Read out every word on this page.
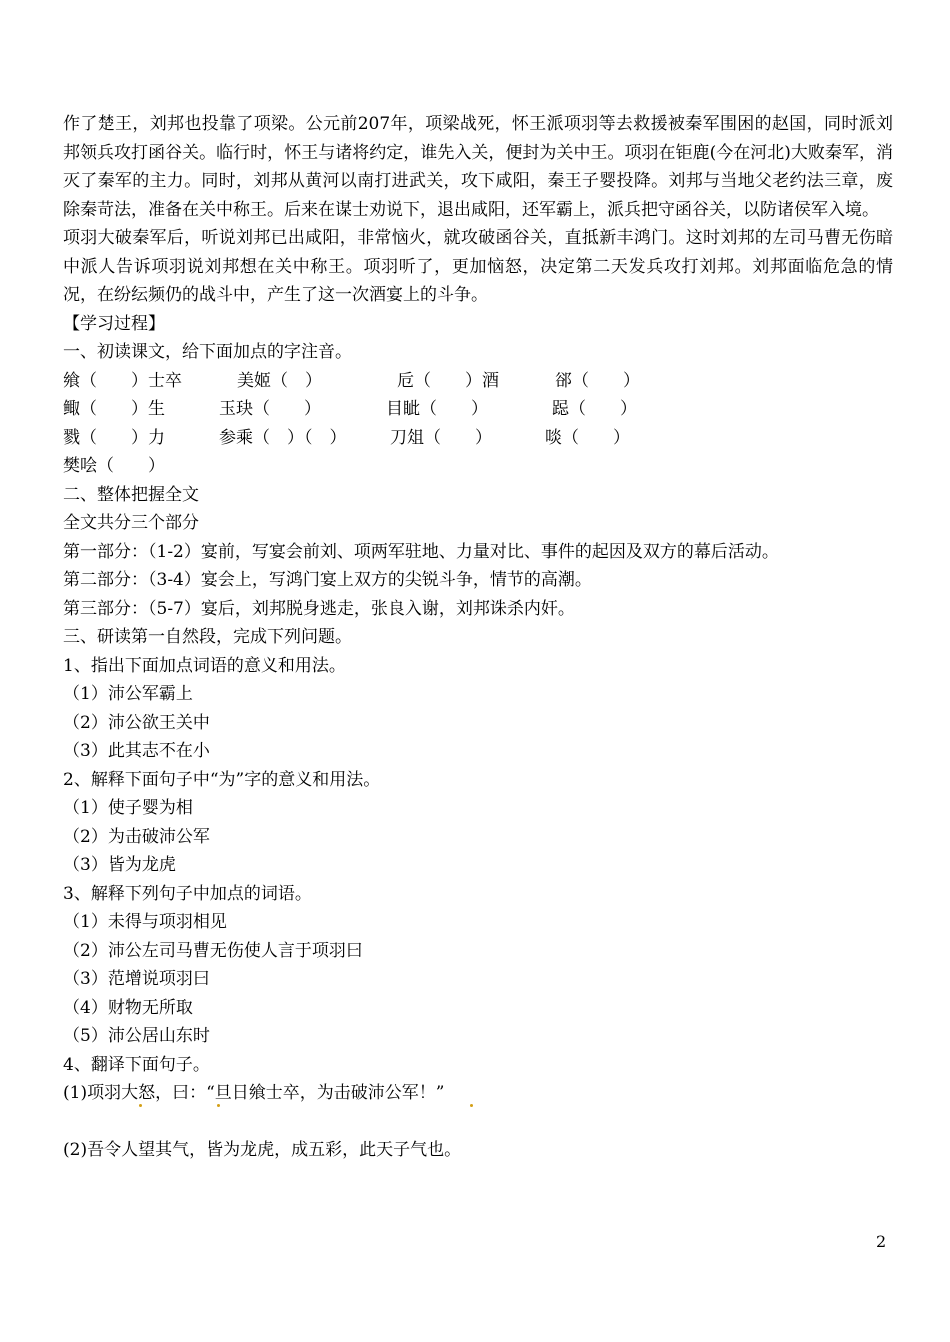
作了楚王，刘邦也投靠了项梁。公元前207年，项梁战死，怀王派项羽等去救援被秦军围困的赵国，同时派刘邦领兵攻打函谷关。临行时，怀王与诸将约定，谁先入关，便封为关中王。项羽在钜鹿(今在河北)大败秦军，消灭了秦军的主力。同时，刘邦从黄河以南打进武关，攻下咸阳，秦王子婴投降。刘邦与当地父老约法三章，废除秦苛法，准备在关中称王。后来在谋士劝说下，退出咸阳，还军霸上，派兵把守函谷关，以防诸侯军入境。

项羽大破秦军后，听说刘邦已出咸阳，非常恼火，就攻破函谷关，直抵新丰鸿门。这时刘邦的左司马曹无伤暗中派人告诉项羽说刘邦想在关中称王。项羽听了，更加恼怒，决定第二天发兵攻打刘邦。刘邦面临危急的情况，在纷纭频仍的战斗中，产生了这一次酒宴上的斗争。

【学习过程】

一、初读课文，给下面加点的字注音。

飨（　　）士卒	美姬（　）	卮（　　）酒	郤（　　）
鲰（　　）生	玉玦（　　）	目眦（　　）	跽（　　）
戮（　　）力	参乘（　）（　）	刀俎（　　）	啖（　　）
樊哙（　　）

二、整体把握全文

全文共分三个部分

第一部分：（1-2）宴前，写宴会前刘、项两军驻地、力量对比、事件的起因及双方的幕后活动。

第二部分：（3-4）宴会上，写鸿门宴上双方的尖锐斗争，情节的高潮。

第三部分：（5-7）宴后，刘邦脱身逃走，张良入谢，刘邦诛杀内奸。

三、研读第一自然段，完成下列问题。

1、指出下面加点词语的意义和用法。

（1）沛公军霸上

（2）沛公欲王关中

（3）此其志不在小

2、解释下面句子中“为”字的意义和用法。

（1）使子婴为相

（2）为击破沛公军

（3）皆为龙虎

3、解释下列句子中加点的词语。

（1）未得与项羽相见

（2）沛公左司马曹无伤使人言于项羽曰

（3）范增说项羽曰

（4）财物无所取

（5）沛公居山东时

4、翻译下面句子。

(1)项羽大怒，曰：“旦日飨士卒，为击破沛公军！”

(2)吾令人望其气，皆为龙虎，成五彩，此天子气也。

2
